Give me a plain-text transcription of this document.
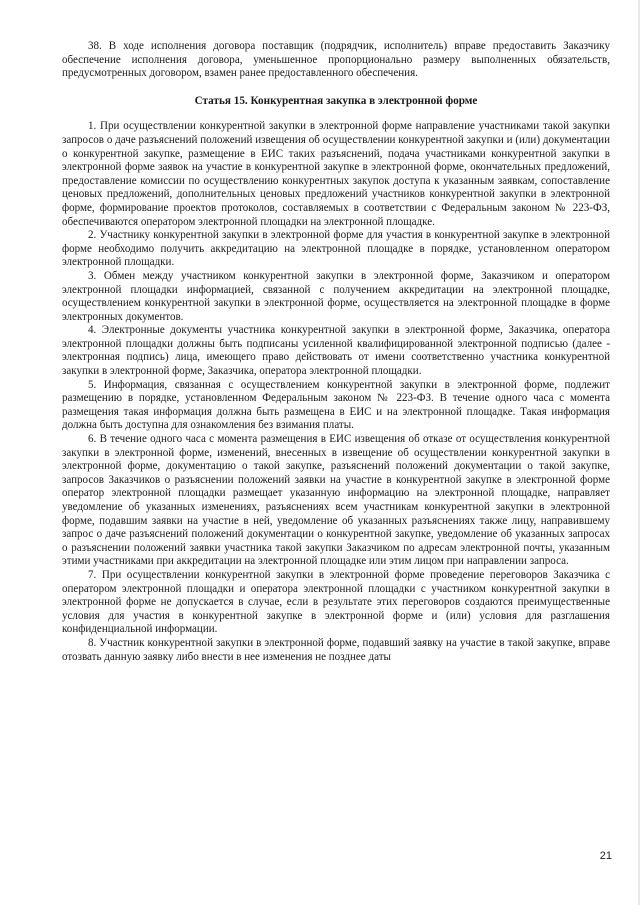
38. В ходе исполнения договора поставщик (подрядчик, исполнитель) вправе предоставить Заказчику обеспечение исполнения договора, уменьшенное пропорционально размеру выполненных обязательств, предусмотренных договором, взамен ранее предоставленного обеспечения.

Статья 15. Конкурентная закупка в электронной форме

1. При осуществлении конкурентной закупки в электронной форме направление участниками такой закупки запросов о даче разъяснений положений извещения об осуществлении конкурентной закупки и (или) документации о конкурентной закупке, размещение в ЕИС таких разъяснений, подача участниками конкурентной закупки в электронной форме заявок на участие в конкурентной закупке в электронной форме, окончательных предложений, предоставление комиссии по осуществлению конкурентных закупок доступа к указанным заявкам, сопоставление ценовых предложений, дополнительных ценовых предложений участников конкурентной закупки в электронной форме, формирование проектов протоколов, составляемых в соответствии с Федеральным законом № 223-ФЗ, обеспечиваются оператором электронной площадки на электронной площадке.

2. Участнику конкурентной закупки в электронной форме для участия в конкурентной закупке в электронной форме необходимо получить аккредитацию на электронной площадке в порядке, установленном оператором электронной площадки.

3. Обмен между участником конкурентной закупки в электронной форме, Заказчиком и оператором электронной площадки информацией, связанной с получением аккредитации на электронной площадке, осуществлением конкурентной закупки в электронной форме, осуществляется на электронной площадке в форме электронных документов.

4. Электронные документы участника конкурентной закупки в электронной форме, Заказчика, оператора электронной площадки должны быть подписаны усиленной квалифицированной электронной подписью (далее - электронная подпись) лица, имеющего право действовать от имени соответственно участника конкурентной закупки в электронной форме, Заказчика, оператора электронной площадки.

5. Информация, связанная с осуществлением конкурентной закупки в электронной форме, подлежит размещению в порядке, установленном Федеральным законом № 223-ФЗ. В течение одного часа с момента размещения такая информация должна быть размещена в ЕИС и на электронной площадке. Такая информация должна быть доступна для ознакомления без взимания платы.

6. В течение одного часа с момента размещения в ЕИС извещения об отказе от осуществления конкурентной закупки в электронной форме, изменений, внесенных в извещение об осуществлении конкурентной закупки в электронной форме, документацию о такой закупке, разъяснений положений документации о такой закупке, запросов Заказчиков о разъяснении положений заявки на участие в конкурентной закупке в электронной форме оператор электронной площадки размещает указанную информацию на электронной площадке, направляет уведомление об указанных изменениях, разъяснениях всем участникам конкурентной закупки в электронной форме, подавшим заявки на участие в ней, уведомление об указанных разъяснениях также лицу, направившему запрос о даче разъяснений положений документации о конкурентной закупке, уведомление об указанных запросах о разъяснении положений заявки участника такой закупки Заказчиком по адресам электронной почты, указанным этими участниками при аккредитации на электронной площадке или этим лицом при направлении запроса.

7. При осуществлении конкурентной закупки в электронной форме проведение переговоров Заказчика с оператором электронной площадки и оператора электронной площадки с участником конкурентной закупки в электронной форме не допускается в случае, если в результате этих переговоров создаются преимущественные условия для участия в конкурентной закупке в электронной форме и (или) условия для разглашения конфиденциальной информации.

8. Участник конкурентной закупки в электронной форме, подавший заявку на участие в такой закупке, вправе отозвать данную заявку либо внести в нее изменения не позднее даты

21
